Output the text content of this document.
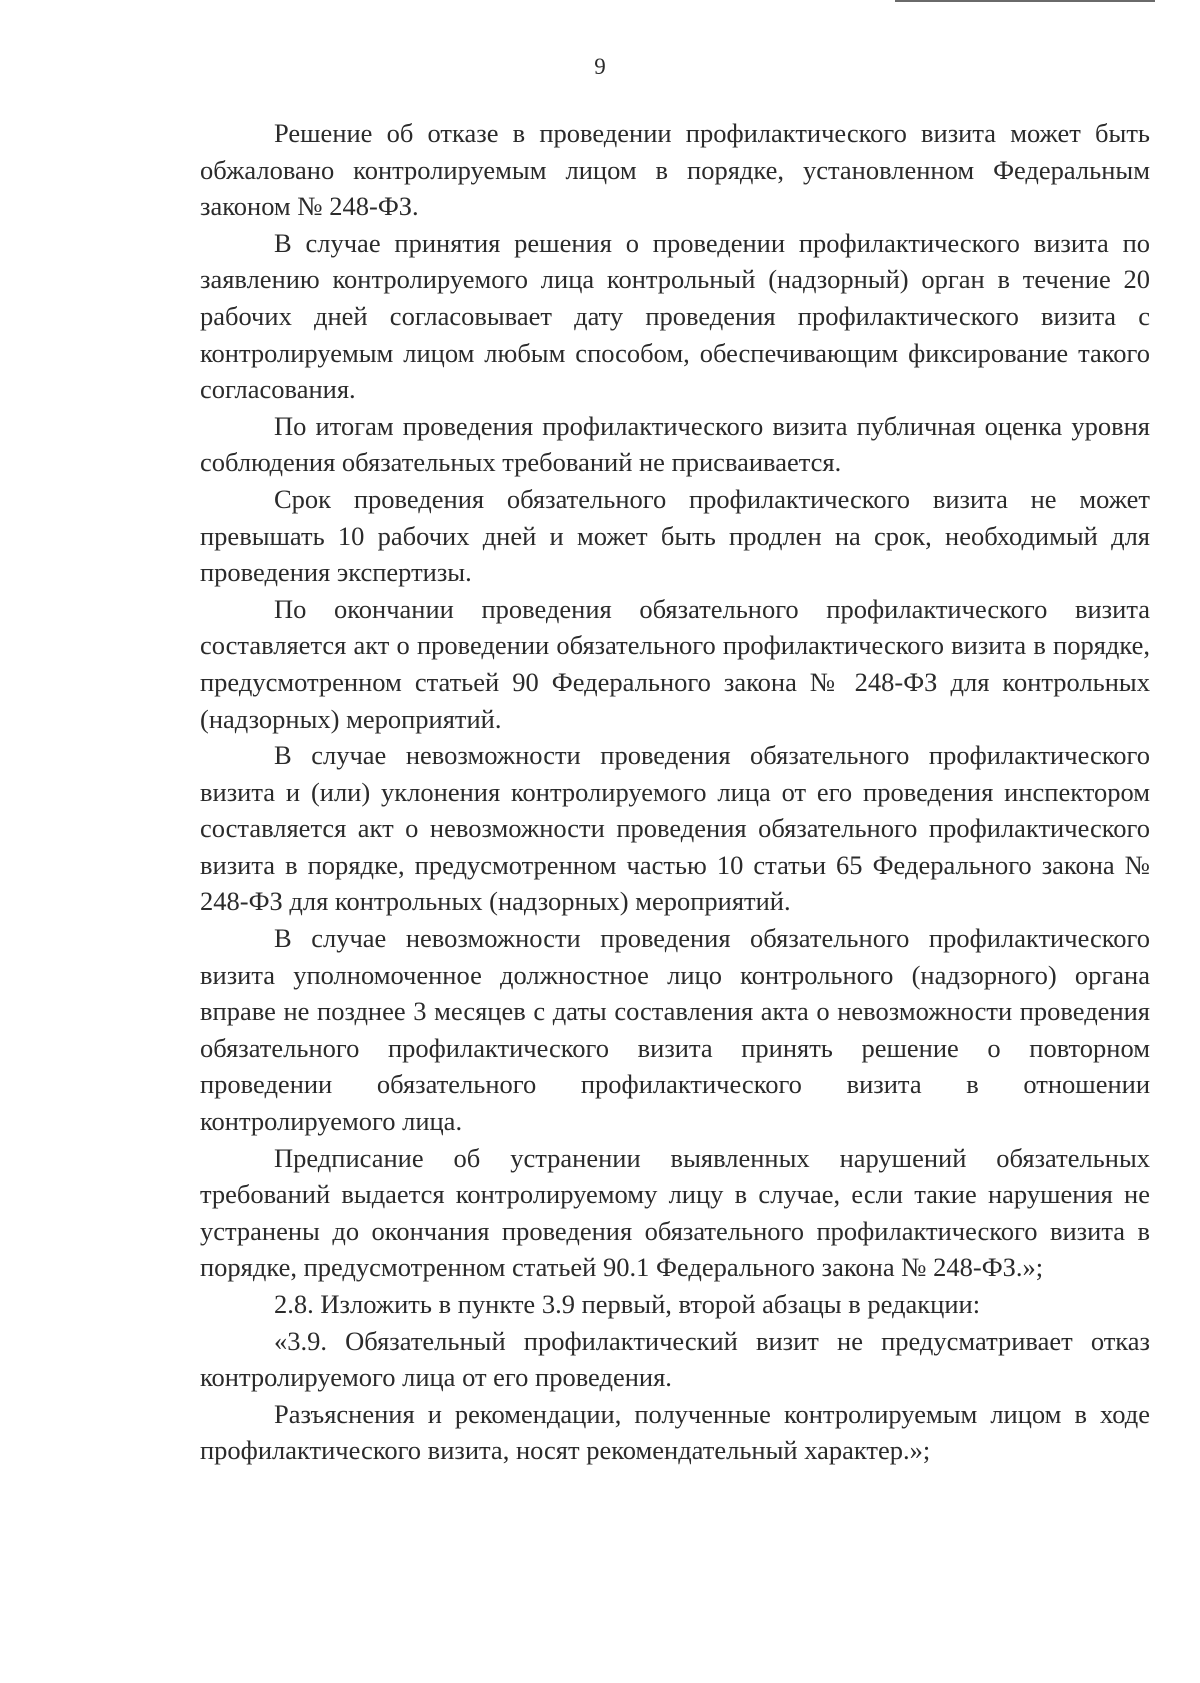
9

Решение об отказе в проведении профилактического визита может быть обжаловано контролируемым лицом в порядке, установленном Федеральным законом № 248-ФЗ.

В случае принятия решения о проведении профилактического визита по заявлению контролируемого лица контрольный (надзорный) орган в течение 20 рабочих дней согласовывает дату проведения профилактического визита с контролируемым лицом любым способом, обеспечивающим фиксирование такого согласования.

По итогам проведения профилактического визита публичная оценка уровня соблюдения обязательных требований не присваивается.

Срок проведения обязательного профилактического визита не может превышать 10 рабочих дней и может быть продлен на срок, необходимый для проведения экспертизы.

По окончании проведения обязательного профилактического визита составляется акт о проведении обязательного профилактического визита в порядке, предусмотренном статьей 90 Федерального закона № 248-ФЗ для контрольных (надзорных) мероприятий.

В случае невозможности проведения обязательного профилактического визита и (или) уклонения контролируемого лица от его проведения инспектором составляется акт о невозможности проведения обязательного профилактического визита в порядке, предусмотренном частью 10 статьи 65 Федерального закона № 248-ФЗ для контрольных (надзорных) мероприятий.

В случае невозможности проведения обязательного профилактического визита уполномоченное должностное лицо контрольного (надзорного) органа вправе не позднее 3 месяцев с даты составления акта о невозможности проведения обязательного профилактического визита принять решение о повторном проведении обязательного профилактического визита в отношении контролируемого лица.

Предписание об устранении выявленных нарушений обязательных требований выдается контролируемому лицу в случае, если такие нарушения не устранены до окончания проведения обязательного профилактического визита в порядке, предусмотренном статьей 90.1 Федерального закона № 248-ФЗ.»;

2.8. Изложить в пункте 3.9 первый, второй абзацы в редакции:

«3.9. Обязательный профилактический визит не предусматривает отказ контролируемого лица от его проведения.

Разъяснения и рекомендации, полученные контролируемым лицом в ходе профилактического визита, носят рекомендательный характер.»;
